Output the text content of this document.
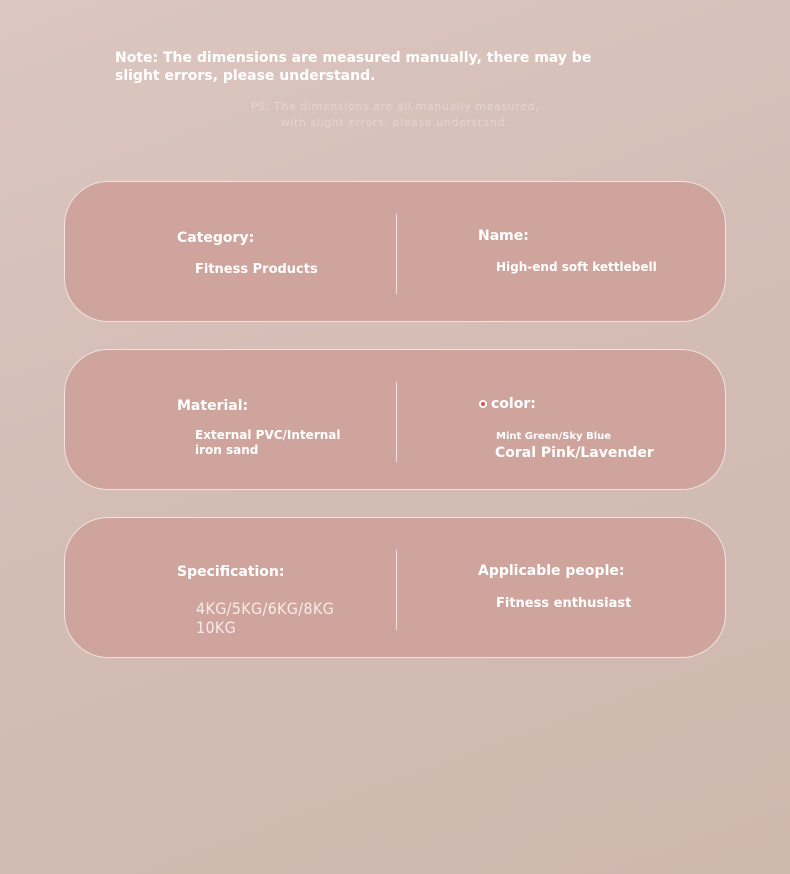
Note: The dimensions are measured manually, there may be slight errors, please understand.
PS: The dimensions are all manually measured,
with slight errors, please understand.
Category:
Fitness Products
Name:
High-end soft kettlebell
Material:
External PVC/Internal iron sand
color:
Mint Green/Sky Blue
Coral Pink/Lavender
Specification:
4KG/5KG/6KG/8KG
10KG
Applicable people:
Fitness enthusiast
